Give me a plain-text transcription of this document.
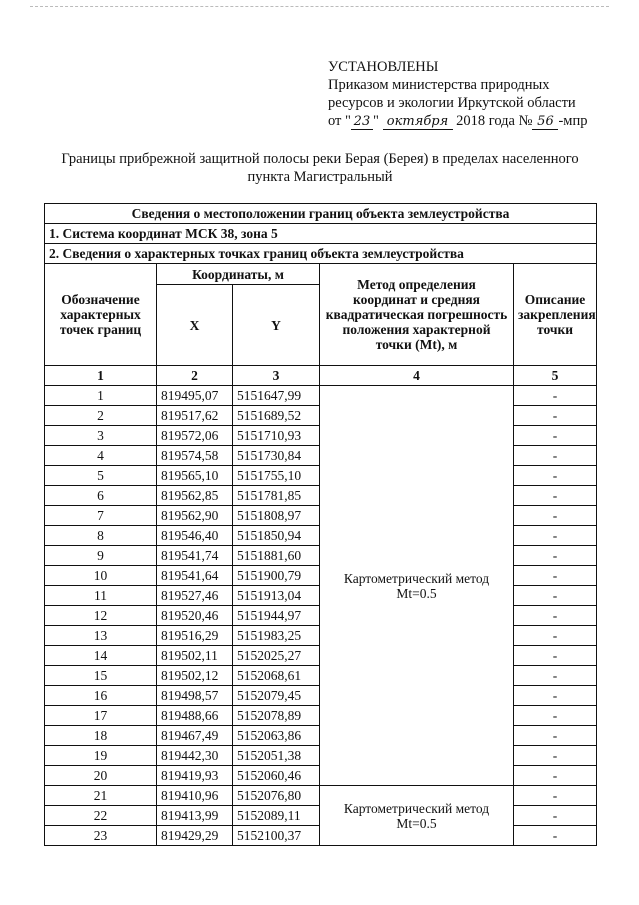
УСТАНОВЛЕНЫ
Приказом министерства природных
ресурсов и экологии Иркутской области
от " 23 " октября 2018 года № 56 -мпр
Границы прибрежной защитной полосы реки Берая (Берея) в пределах населенного
пункта Магистральный
Сведения о местоположении границ объекта землеустройства				
1. Система координат МСК 38, зона 5				
2. Сведения о характерных точках границ объекта землеустройства				
Обозначение характерных точек границ	Координаты, м		Метод определения координат и средняя квадратическая погрешность положения характерной точки (Mt), м	Описание закрепления точки
	X	Y		
1	2	3	4	5
1	819495,07	5151647,99	Картометрический метод Mt=0.5	-
2	819517,62	5151689,52		-
3	819572,06	5151710,93		-
4	819574,58	5151730,84		-
5	819565,10	5151755,10		-
6	819562,85	5151781,85		-
7	819562,90	5151808,97		-
8	819546,40	5151850,94		-
9	819541,74	5151881,60		-
10	819541,64	5151900,79		-
11	819527,46	5151913,04		-
12	819520,46	5151944,97		-
13	819516,29	5151983,25		-
14	819502,11	5152025,27		-
15	819502,12	5152068,61		-
16	819498,57	5152079,45		-
17	819488,66	5152078,89		-
18	819467,49	5152063,86		-
19	819442,30	5152051,38		-
20	819419,93	5152060,46		-
21	819410,96	5152076,80	Картометрический метод Mt=0.5	-
22	819413,99	5152089,11		-
23	819429,29	5152100,37		-
